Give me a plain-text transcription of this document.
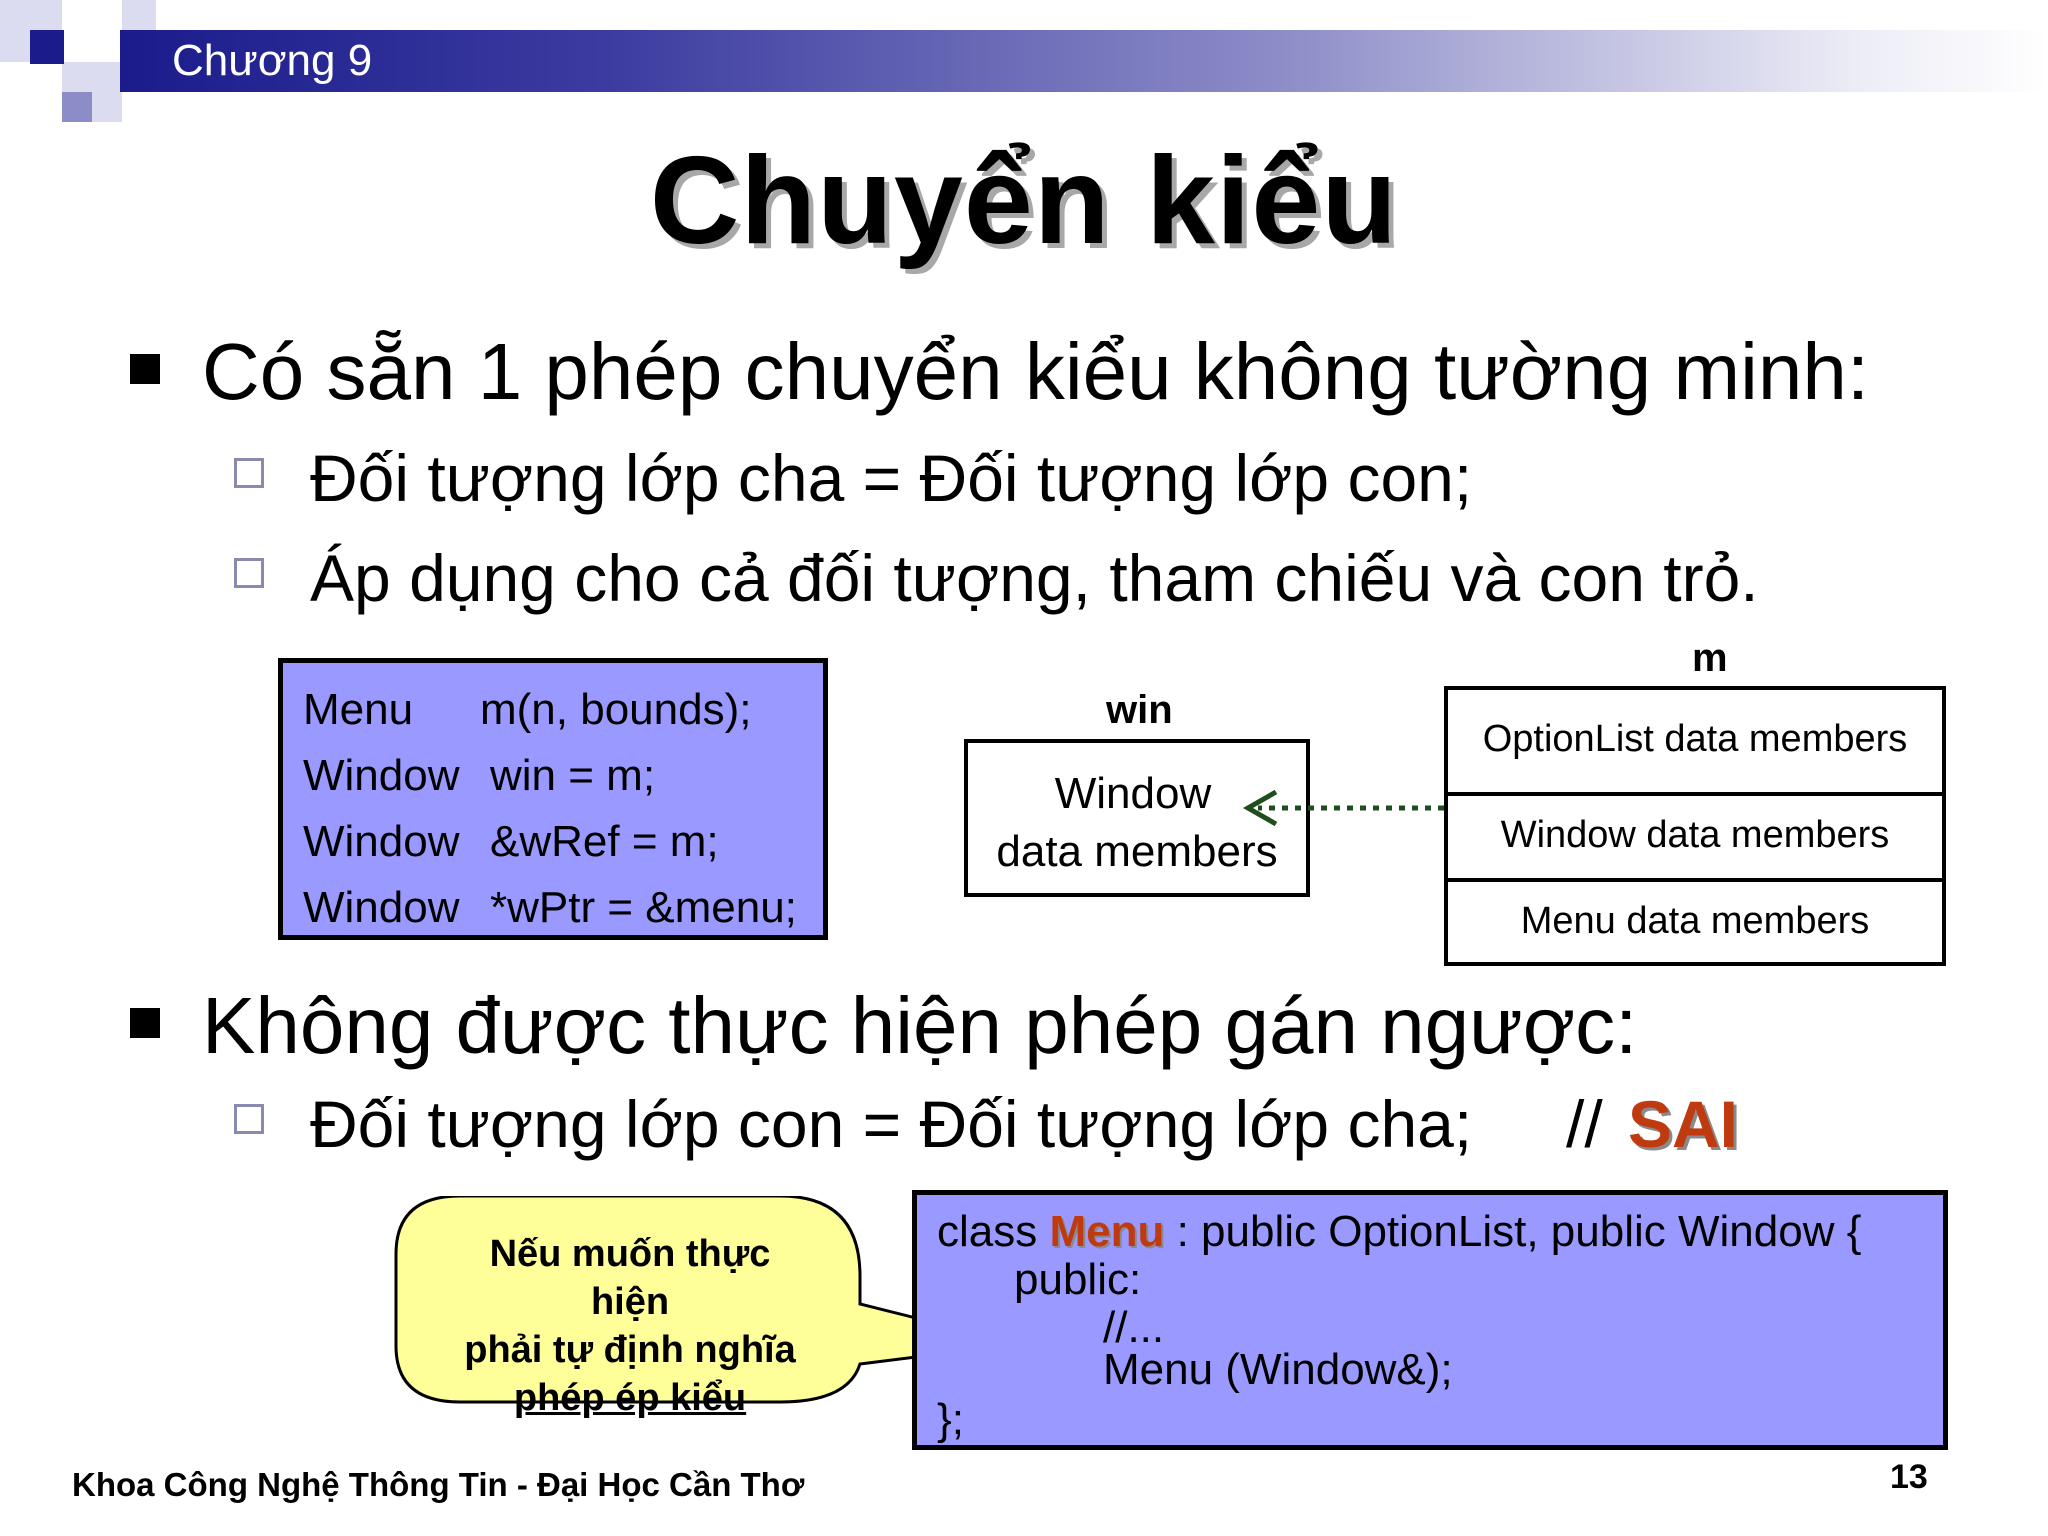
Chương 9
Chuyển kiểu
Có sẵn 1 phép chuyển kiểu không tường minh:
Đối tượng lớp cha = Đối tượng lớp con;
Áp dụng cho cả đối tượng, tham chiếu và con trỏ.
Menu m(n, bounds);
Window win = m;
Window &wRef = m;
Window *wPtr = &menu;
win
Window
data members
m
OptionList data members
Window data members
Menu data members
Không được thực hiện phép gán ngược:
Đối tượng lớp con = Đối tượng lớp cha; // SAI
Nếu muốn thực
hiện
phải tự định nghĩa
phép ép kiểu
class Menu : public OptionList, public Window {
public:
//...
Menu (Window&);
};
Khoa Công Nghệ Thông Tin - Đại Học Cần Thơ	13
